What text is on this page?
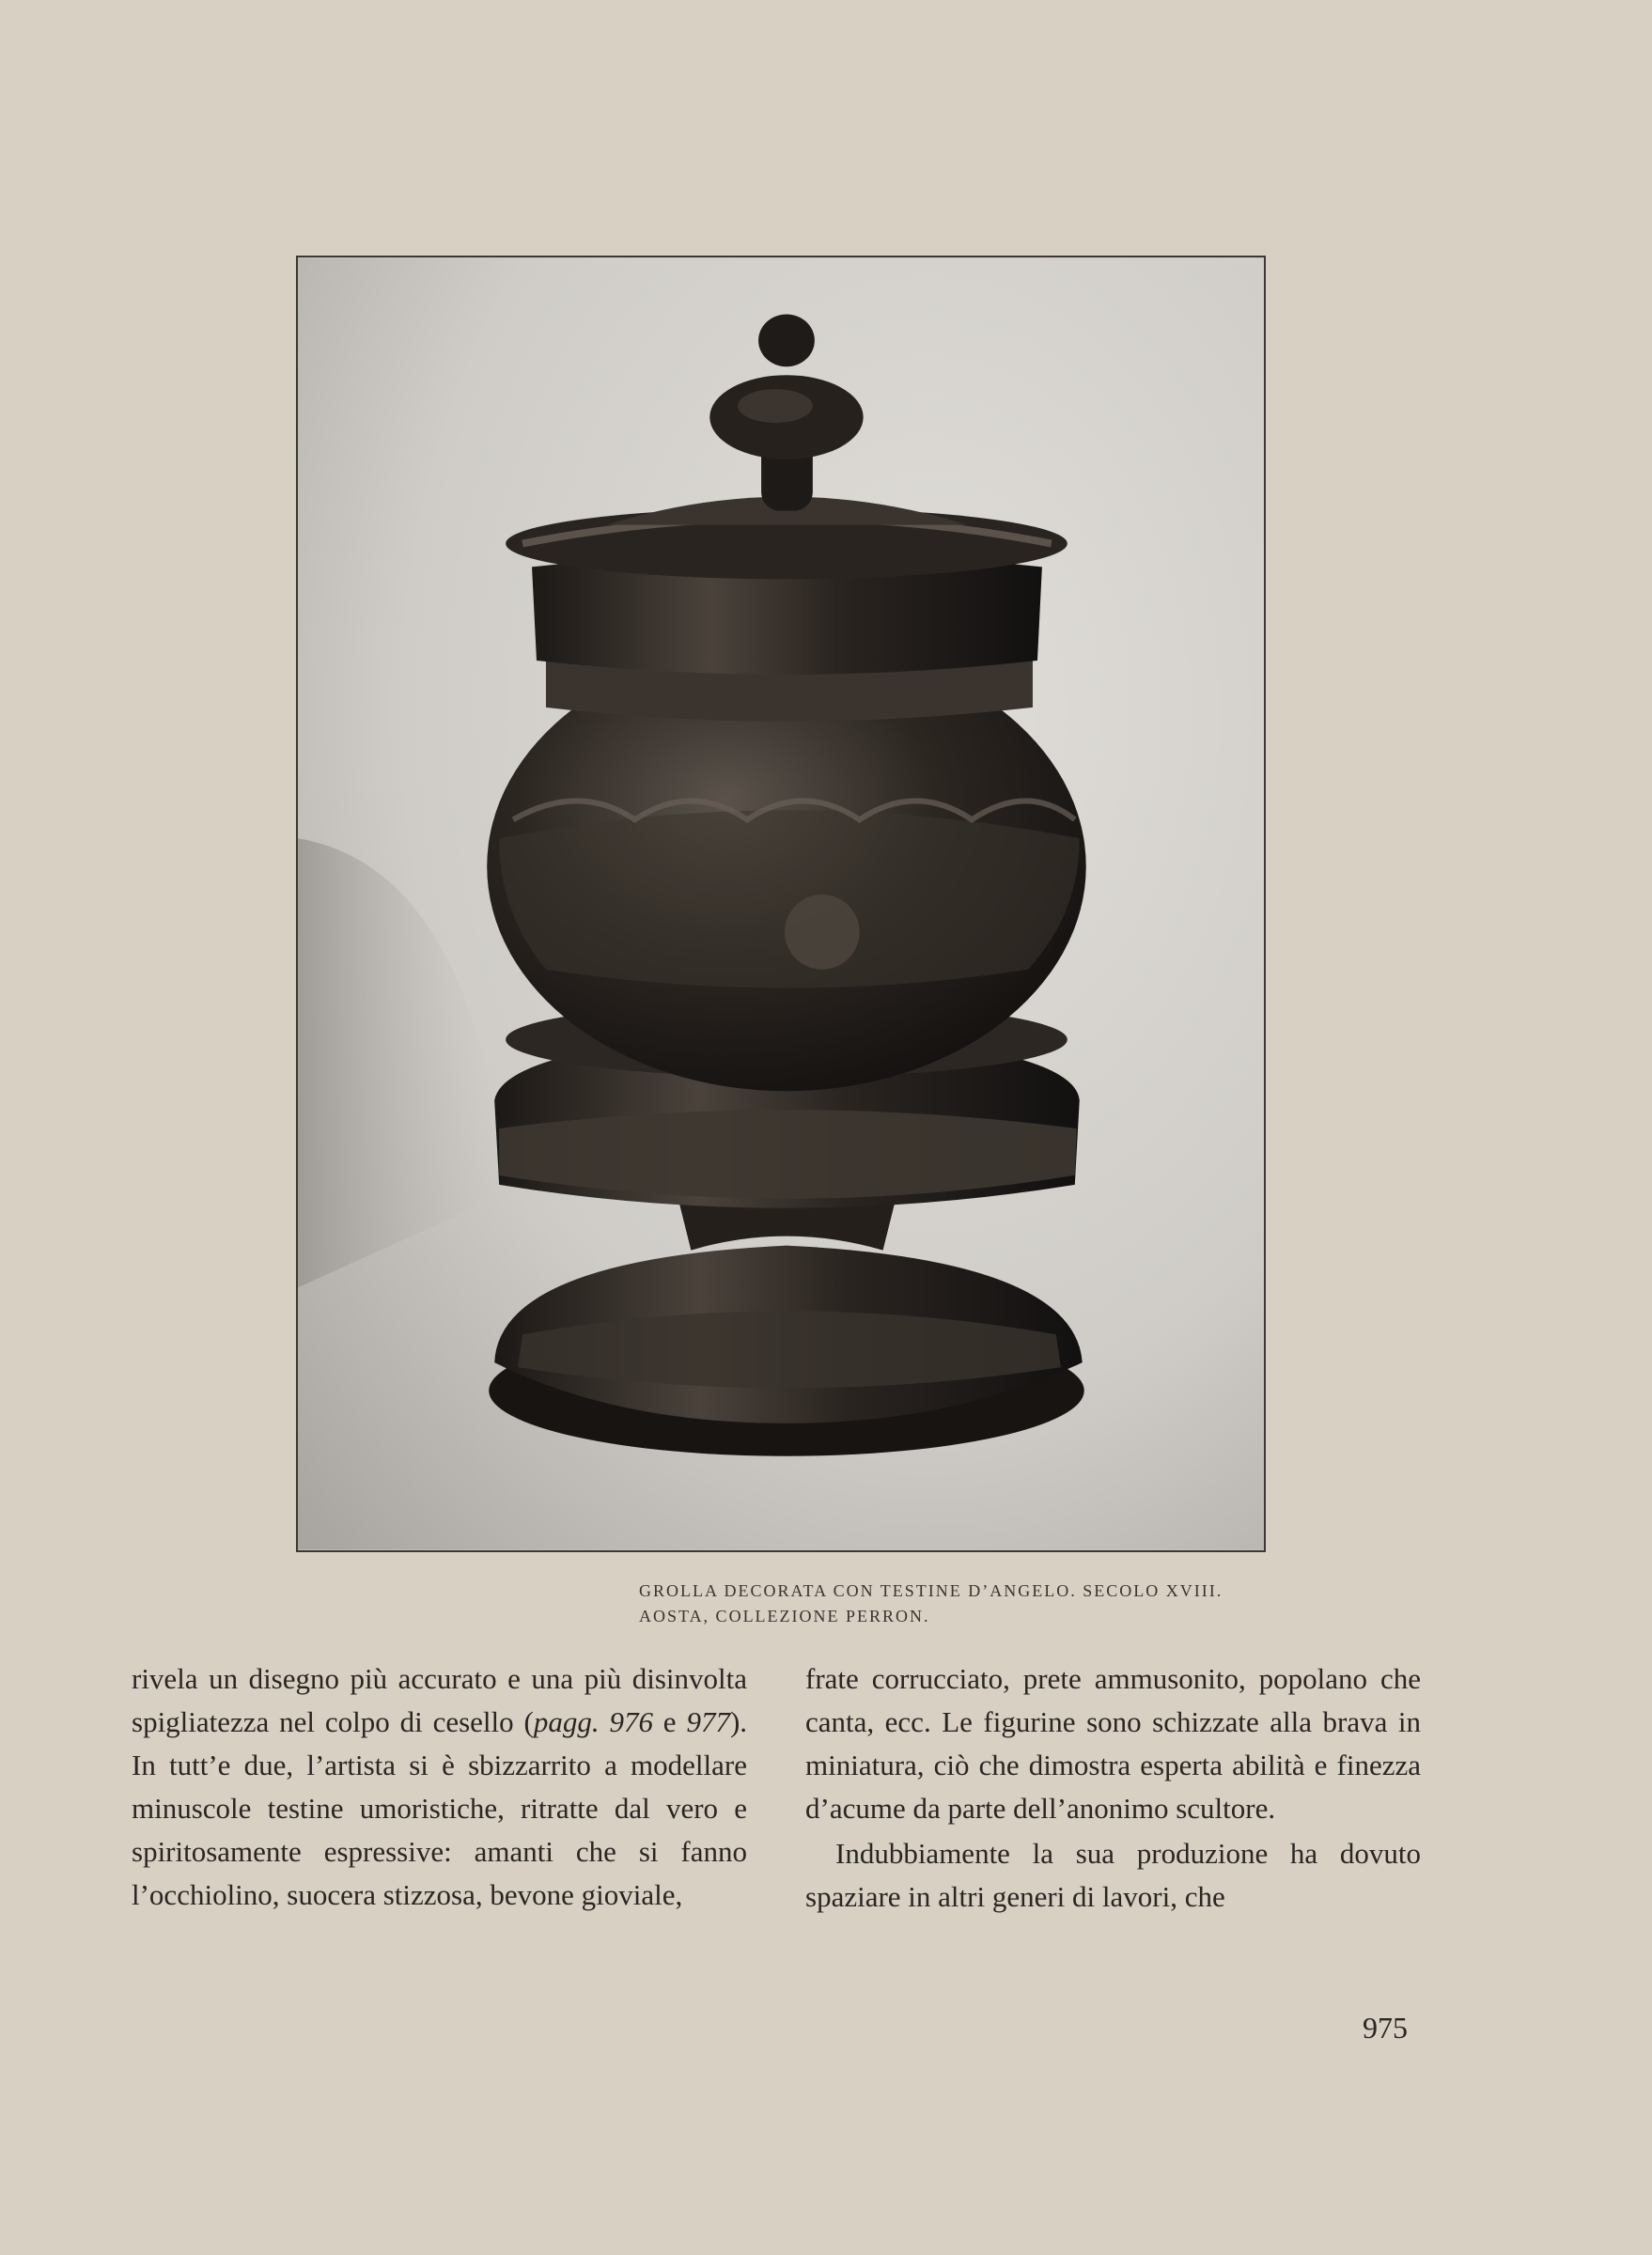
GROLLA DECORATA CON TESTINE D’ANGELO. SECOLO XVIII.
AOSTA, COLLEZIONE PERRON.

rivela un disegno più accurato e una più disinvolta spigliatezza nel colpo di cesello (pagg. 976 e 977). In tutt’e due, l’artista si è sbizzarrito a modellare minuscole testine umoristiche, ritratte dal vero e spiritosamente espressive: amanti che si fanno l’occhiolino, suocera stizzosa, bevone gioviale,

frate corrucciato, prete ammusonito, popolano che canta, ecc. Le figurine sono schizzate alla brava in miniatura, ciò che dimostra esperta abilità e finezza d’acume da parte dell’anonimo scultore.

Indubbiamente la sua produzione ha dovuto spaziare in altri generi di lavori, che

975
